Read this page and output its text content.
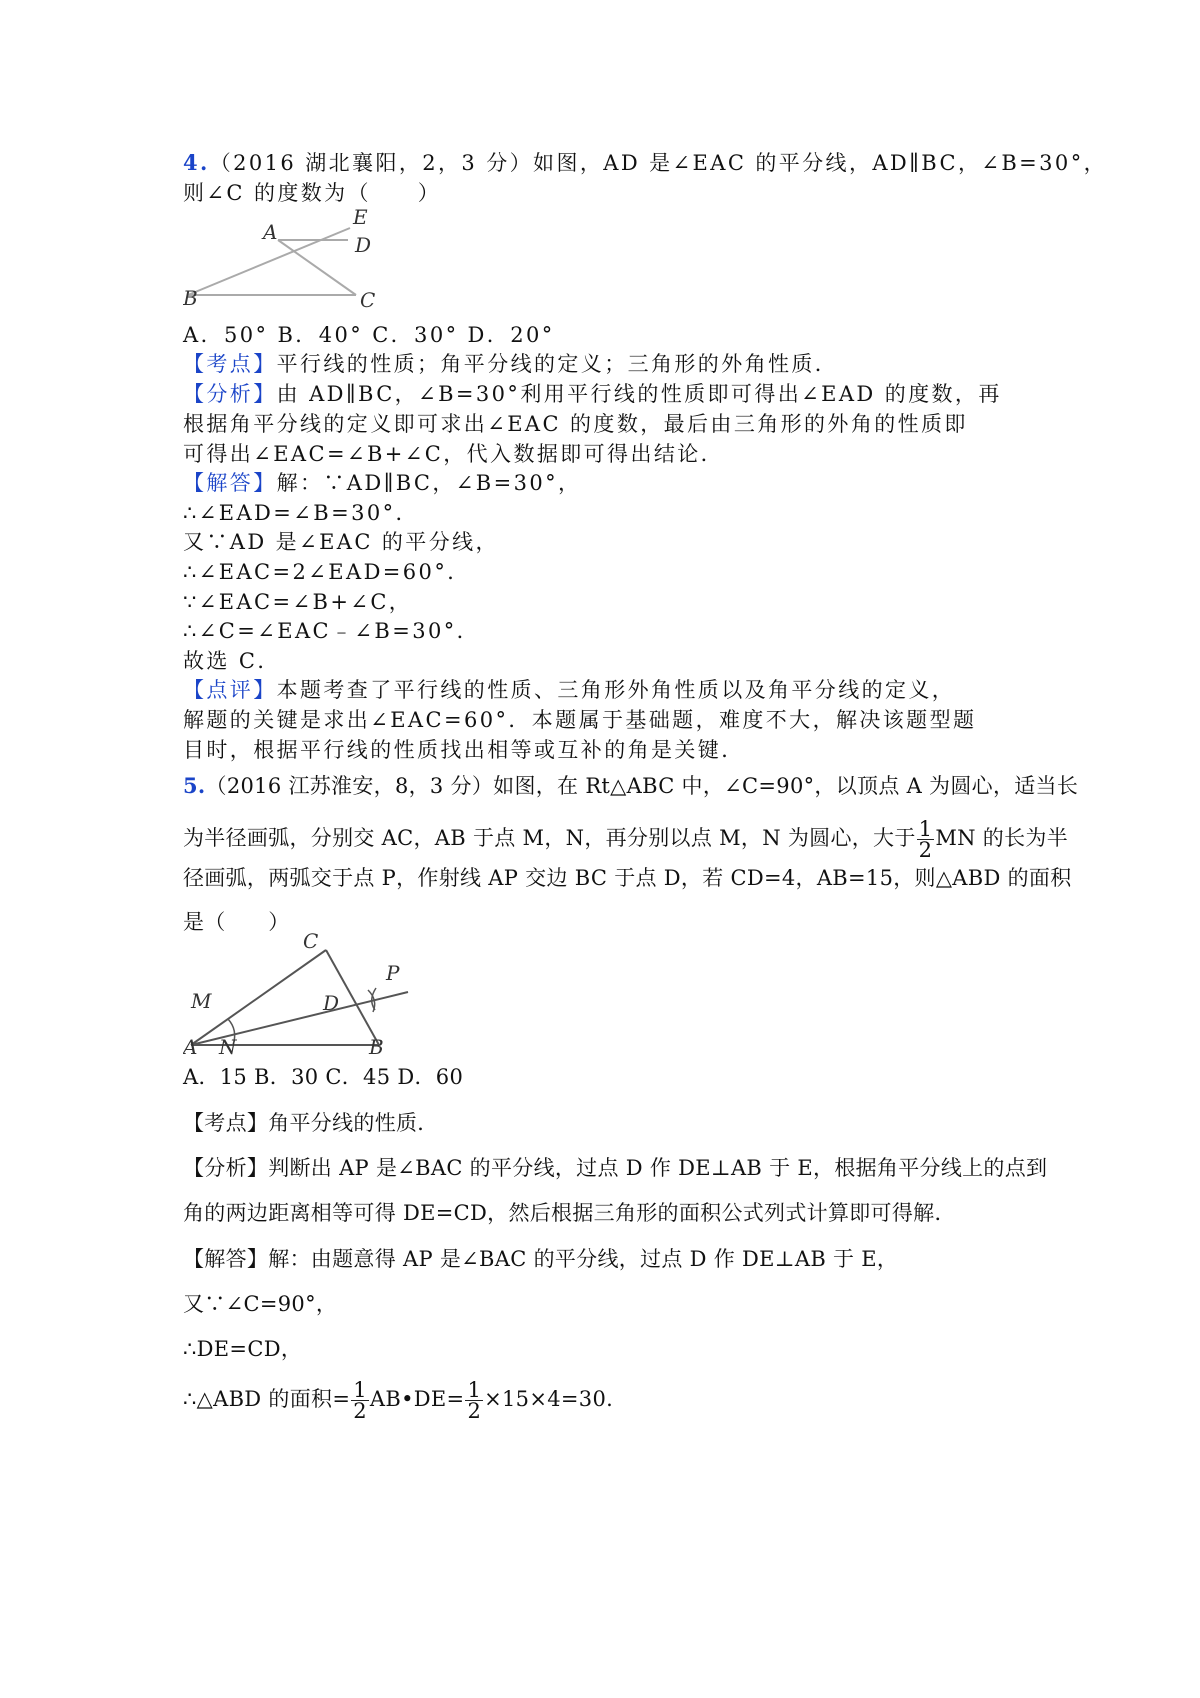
4.（2016 湖北襄阳，2，3 分）如图，AD 是∠EAC 的平分线，AD∥BC，∠B=30°，
则∠C 的度数为（　　）
A
E
D
B	C
A．50° B．40° C．30° D．20°
【考点】平行线的性质；角平分线的定义；三角形的外角性质．
【分析】由 AD∥BC，∠B=30°利用平行线的性质即可得出∠EAD 的度数，再
根据角平分线的定义即可求出∠EAC 的度数，最后由三角形的外角的性质即
可得出∠EAC=∠B+∠C，代入数据即可得出结论．
【解答】解：∵AD∥BC，∠B=30°，
∴∠EAD=∠B=30°．
又∵AD 是∠EAC 的平分线，
∴∠EAC=2∠EAD=60°．
∵∠EAC=∠B+∠C，
∴∠C=∠EAC﹣∠B=30°．
故选 C．
【点评】本题考查了平行线的性质、三角形外角性质以及角平分线的定义，
解题的关键是求出∠EAC=60°．本题属于基础题，难度不大，解决该题型题
目时，根据平行线的性质找出相等或互补的角是关键．
5.（2016 江苏淮安，8，3 分）如图，在 Rt△ABC 中，∠C=90°，以顶点 A 为圆心，适当长
为半径画弧，分别交 AC，AB 于点 M，N，再分别以点 M，N 为圆心，大于 $\frac{1}{2}$ MN 的长为半
径画弧，两弧交于点 P，作射线 AP 交边 BC 于点 D，若 CD=4，AB=15，则△ABD 的面积
是（　　）
C
M	D
P
A N	B
A．15 B．30 C．45 D．60
【考点】角平分线的性质．
【分析】判断出 AP 是∠BAC 的平分线，过点 D 作 DE⊥AB 于 E，根据角平分线上的点到
角的两边距离相等可得 DE=CD，然后根据三角形的面积公式列式计算即可得解．
【解答】解：由题意得 AP 是∠BAC 的平分线，过点 D 作 DE⊥AB 于 E，
又∵∠C=90°，
∴DE=CD，
∴△ABD 的面积= $\frac{1}{2}$ AB•DE= $\frac{1}{2} \times 15\times 4=30$.
